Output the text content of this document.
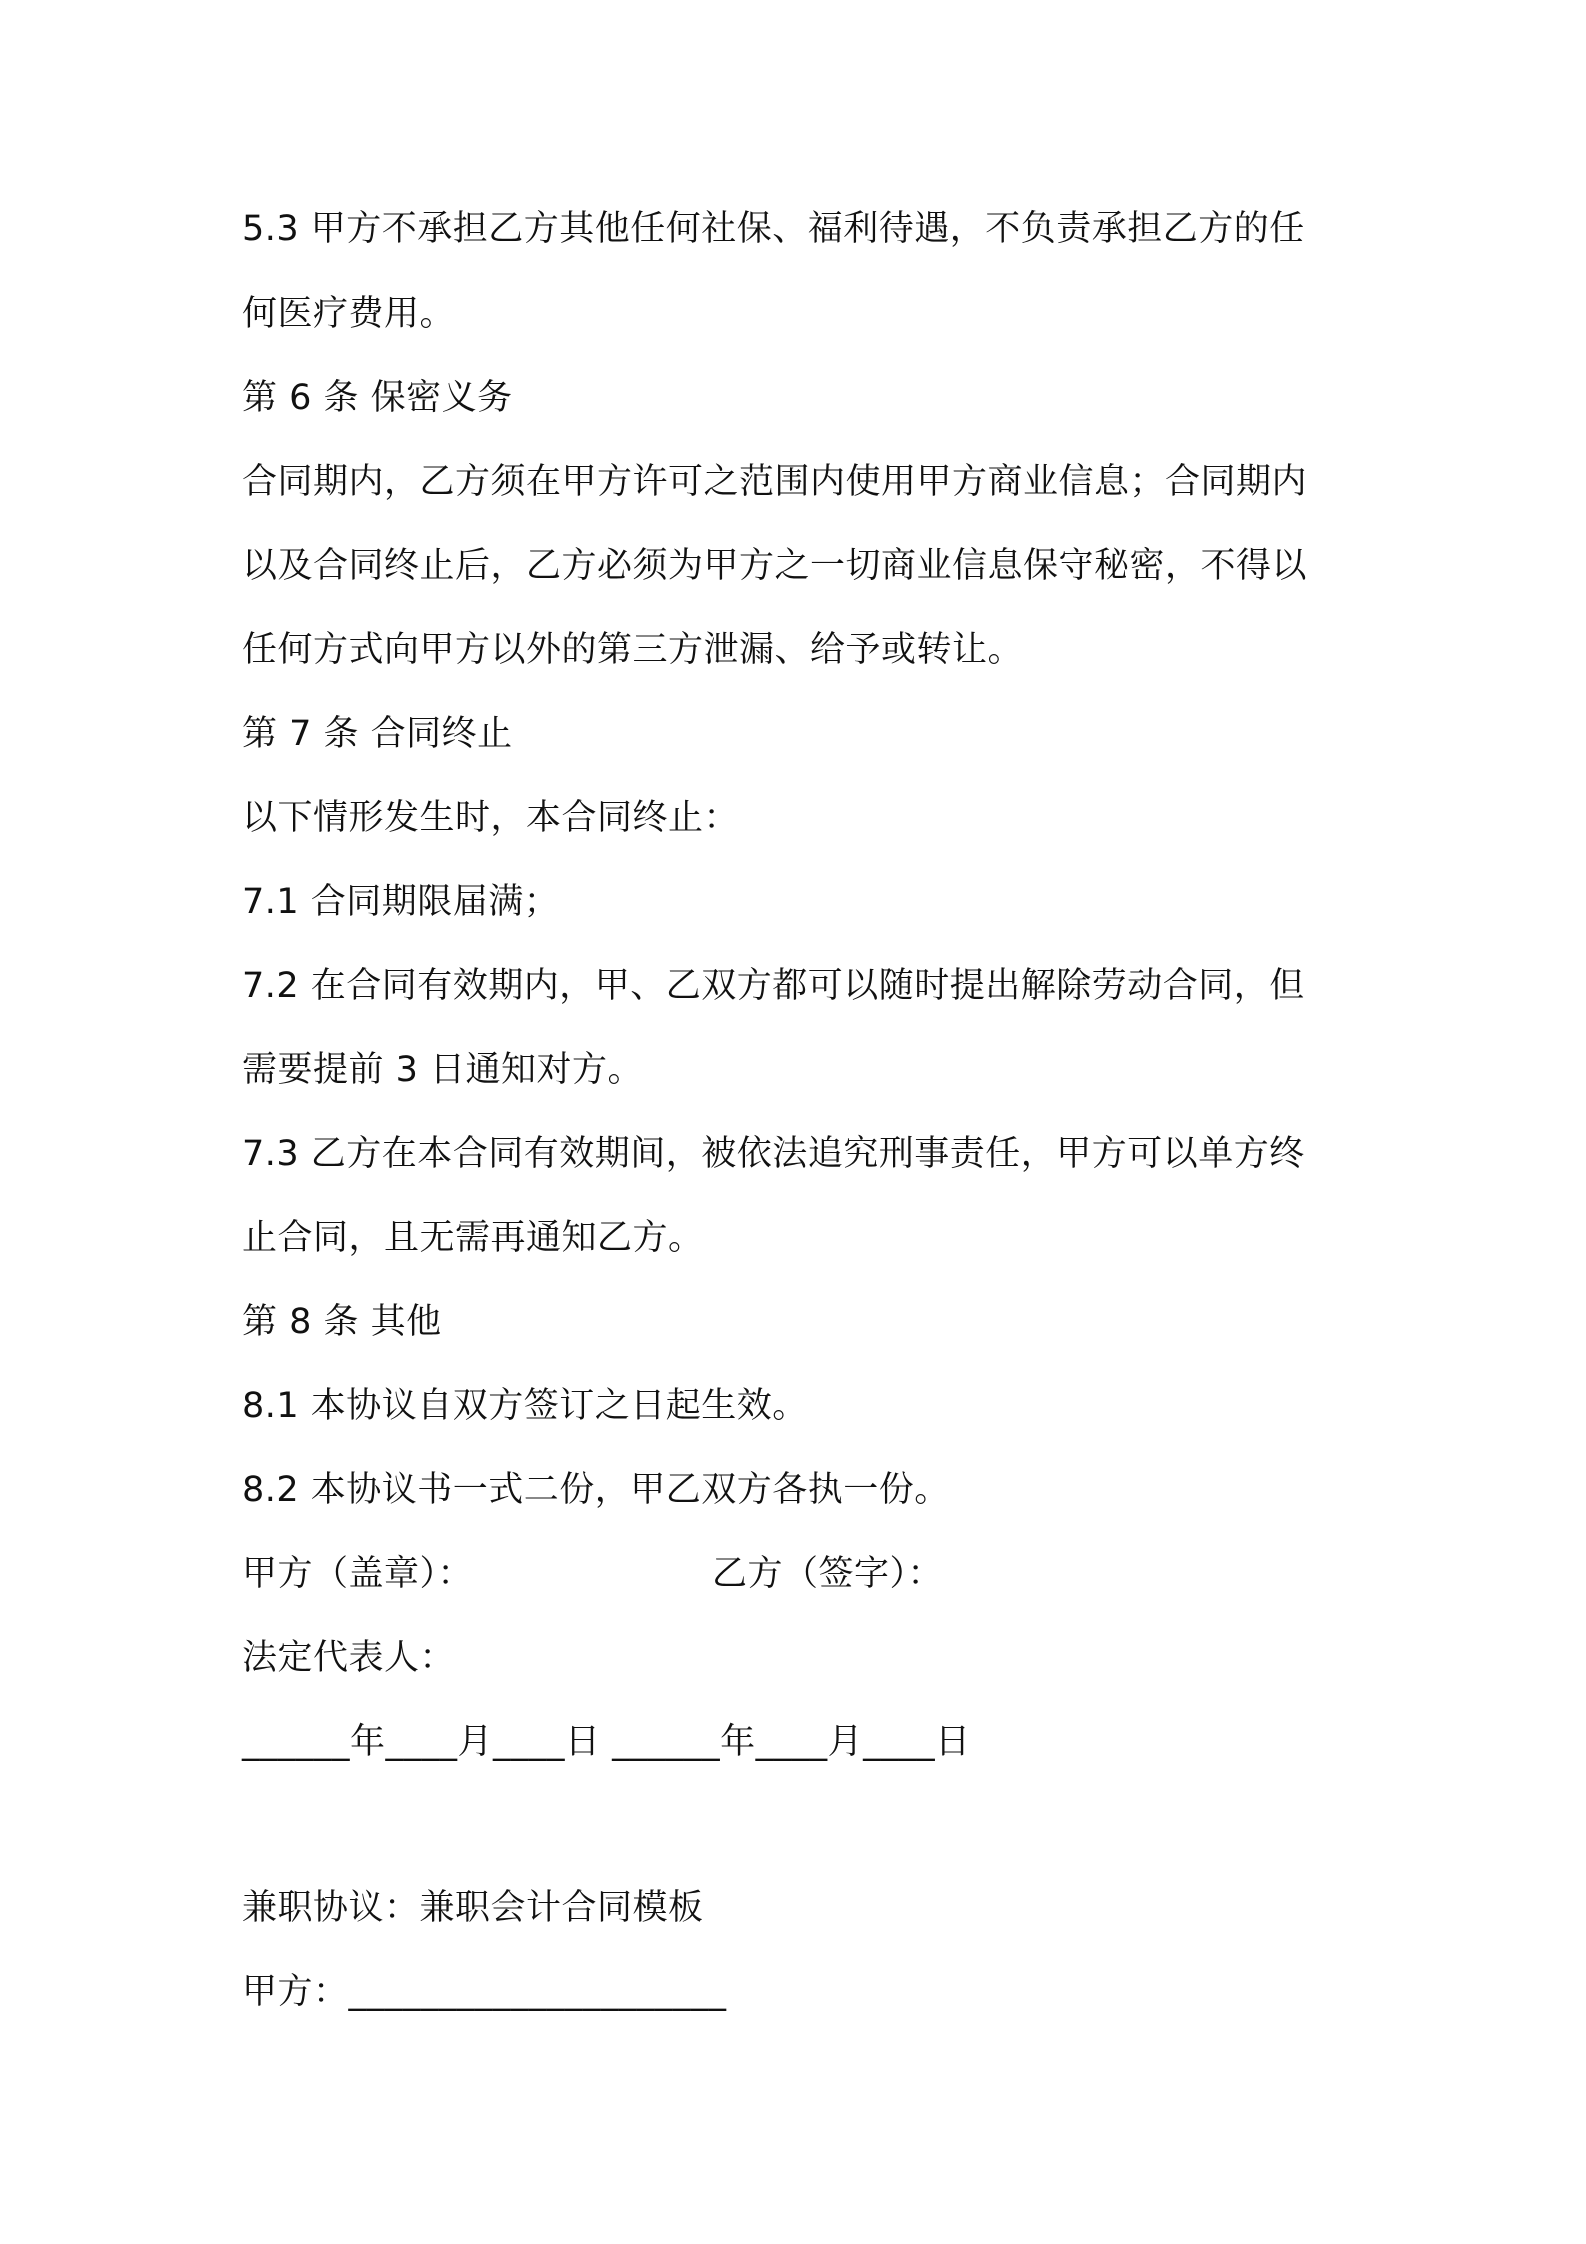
5.3 甲方不承担乙方其他任何社保、福利待遇，不负责承担乙方的任
何医疗费用。
第 6 条 保密义务
合同期内，乙方须在甲方许可之范围内使用甲方商业信息；合同期内
以及合同终止后，乙方必须为甲方之一切商业信息保守秘密，不得以
任何方式向甲方以外的第三方泄漏、给予或转让。
第 7 条 合同终止
以下情形发生时，本合同终止：
7.1 合同期限届满；
7.2 在合同有效期内，甲、乙双方都可以随时提出解除劳动合同，但
需要提前 3 日通知对方。
7.3 乙方在本合同有效期间，被依法追究刑事责任，甲方可以单方终
止合同，且无需再通知乙方。
第 8 条 其他
8.1 本协议自双方签订之日起生效。
8.2 本协议书一式二份，甲乙双方各执一份。
甲方（盖章）：	乙方（签字）：
法定代表人：
______年____月____日 ______年____月____日
兼职协议：兼职会计合同模板
甲方：_____________________
